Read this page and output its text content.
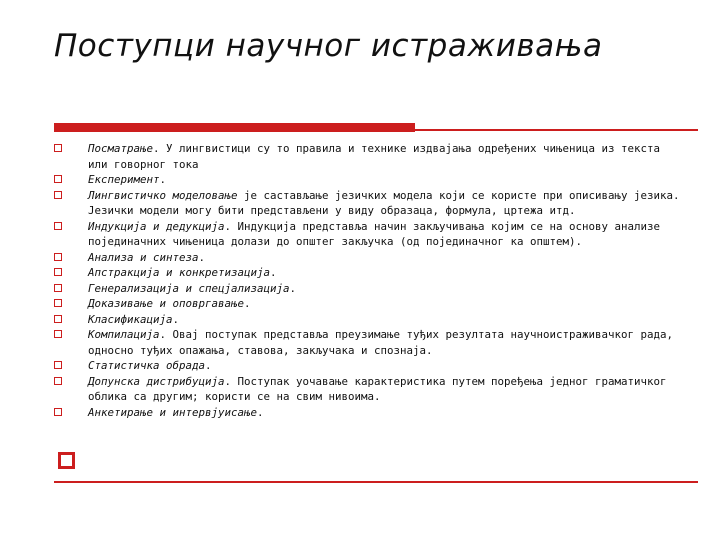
Поступци научног истраживања
Посматрање. У лингвистици су то правила и технике издвајања одређених чињеница из текста или говорног тока
Експеримент.
Лингвистичко моделовање је састављање језичких модела који се користе при описивању језика. Језички модели могу бити представљени у виду образаца, формула, цртежа итд.
Индукција и дедукција. Индукција представља начин закључивања којим се на основу анализе појединачних чињеница долази до општег закључка (од појединачног ка општем).
Анализа и синтеза.
Апстракција и конкретизација.
Генерализација и спецјализација.
Доказивање и оповргавање.
Класификација.
Компилација. Овај поступак представља преузимање туђих резултата научноистраживачког рада, односно туђих опажања, ставова, закључака и спознаја.
Статистичка обрада.
Допунска дистрибуција. Поступак уочавање карактеристика путем поређења једног граматичког облика са другим; користи се на свим нивоима.
Анкетирање и интервјуисање.
